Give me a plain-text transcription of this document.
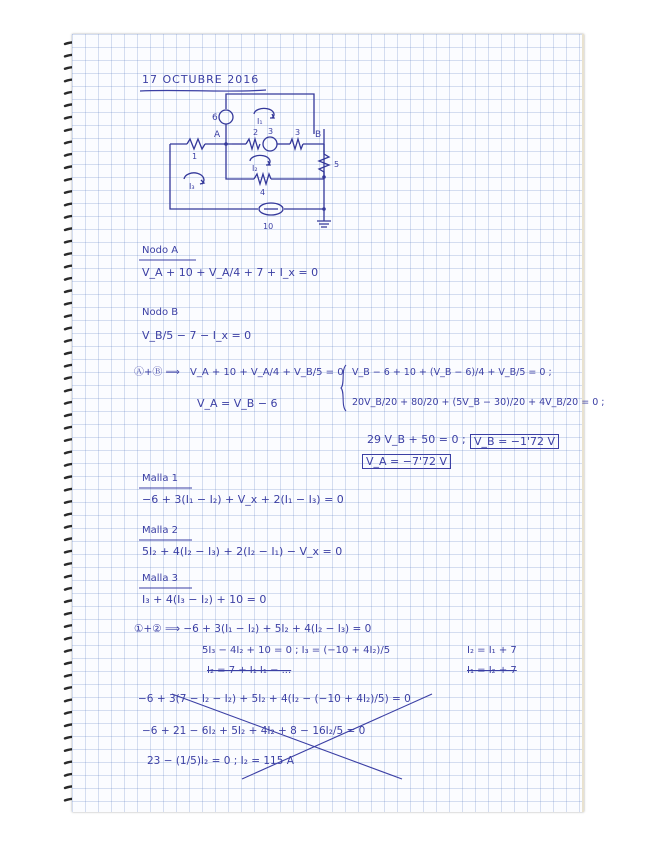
17 OCTUBRE 2016
A	B
6
1
2 3	3
4
5
10
I₁
I₂
I₃
Nodo A
V_A + 10 + V_A/4 + 7 + I_x = 0
Nodo B
V_B/5 − 7 − I_x = 0
V_A + 10 + V_A/4 + V_B/5 = 0
Ⓐ+Ⓑ ⟹
V_A = V_B − 6
V_B − 6 + 10 + (V_B − 6)/4 + V_B/5 = 0 ;
20V_B/20 + 80/20 + (5V_B − 30)/20 + 4V_B/20 = 0 ;
29 V_B + 50 = 0 ; V_B = −1'72 V
V_A = −7'72 V
Malla 1
−6 + 3(I₁ − I₂) + V_x + 2(I₁ − I₃) = 0
Malla 2
5I₂ + 4(I₂ − I₃) + 2(I₂ − I₁) − V_x = 0
Malla 3
I₃ + 4(I₃ − I₂) + 10 = 0
①+② ⟹ −6 + 3(I₁ − I₂) + 5I₂ + 4(I₂ − I₃) = 0
5I₃ − 4I₂ + 10 = 0 ; I₃ = (−10 + 4I₂)/5	I₂ = I₁ + 7
I₂ = 7 + I₁ I₁ − ...	I₁ = I₂ + 7
−6 + 3(7 − I₂ − I₂) + 5I₂ + 4(I₂ − (−10 + 4I₂)/5) = 0
−6 + 21 − 6I₂ + 5I₂ + 4I₂ + 8 − 16I₂/5 = 0
23 − (1/5)I₂ = 0 ; I₂ = 115 A
